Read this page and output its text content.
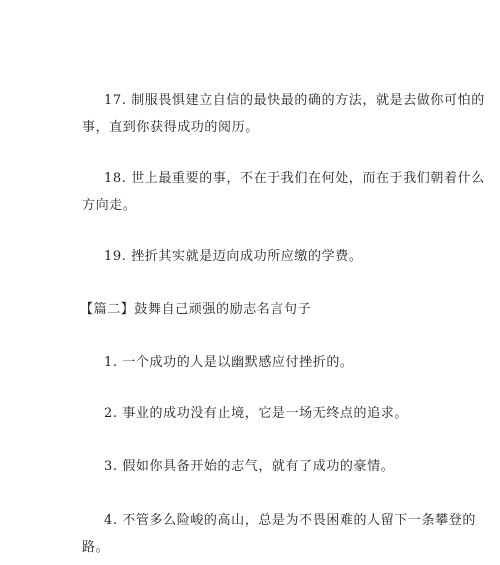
17. 制服畏惧建立自信的最快最的确的方法，就是去做你可怕的
事，直到你获得成功的阅历。
18. 世上最重要的事，不在于我们在何处，而在于我们朝着什么
方向走。
19. 挫折其实就是迈向成功所应缴的学费。
【篇二】鼓舞自己顽强的励志名言句子
1. 一个成功的人是以幽默感应付挫折的。
2. 事业的成功没有止境，它是一场无终点的追求。
3. 假如你具备开始的志气，就有了成功的豪情。
4. 不管多么险峻的高山，总是为不畏困难的人留下一条攀登的
路。
